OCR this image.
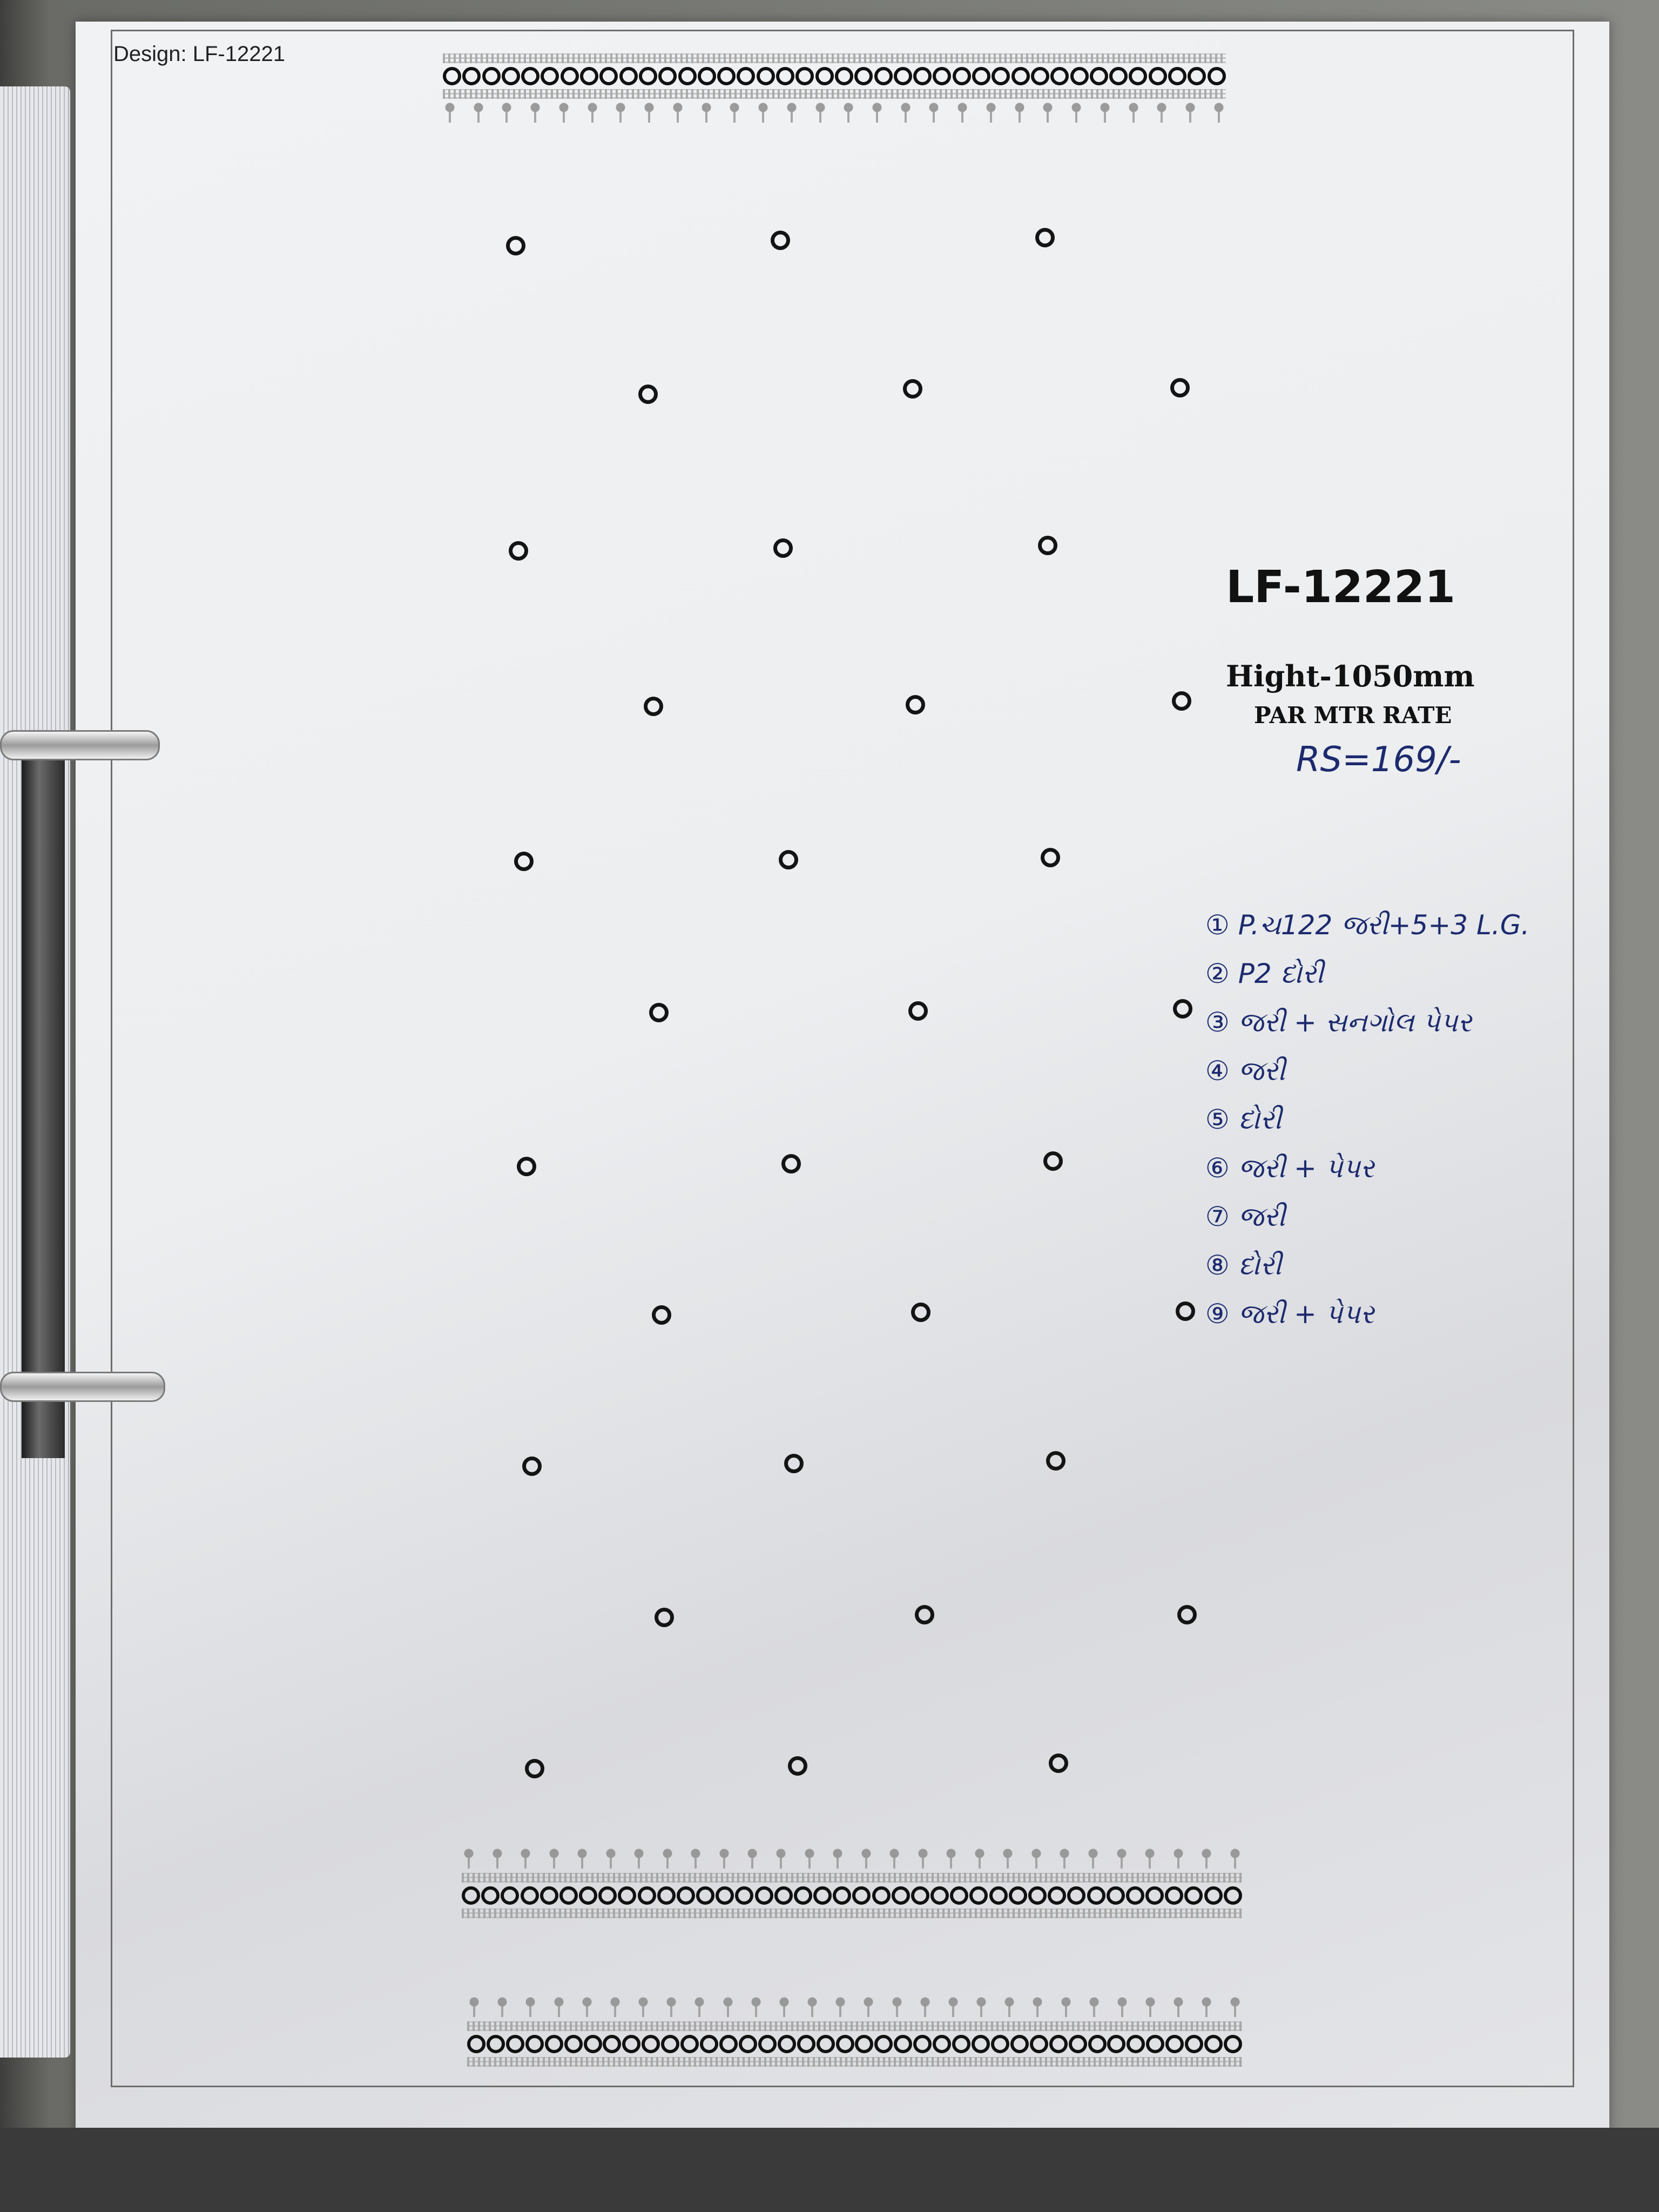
Design: LF-12221
LF-12221
Hight-1050mm
PAR MTR RATE
RS=169/-
① P.ચ122 જરી+5+3 L.G.
② P2 દોરી
③ જરી + સનગોલ પેપર
④ જરી
⑤ દોરી
⑥ જરી + પેપર
⑦ જરી
⑧ દોરી
⑨ જરી + પેપર
